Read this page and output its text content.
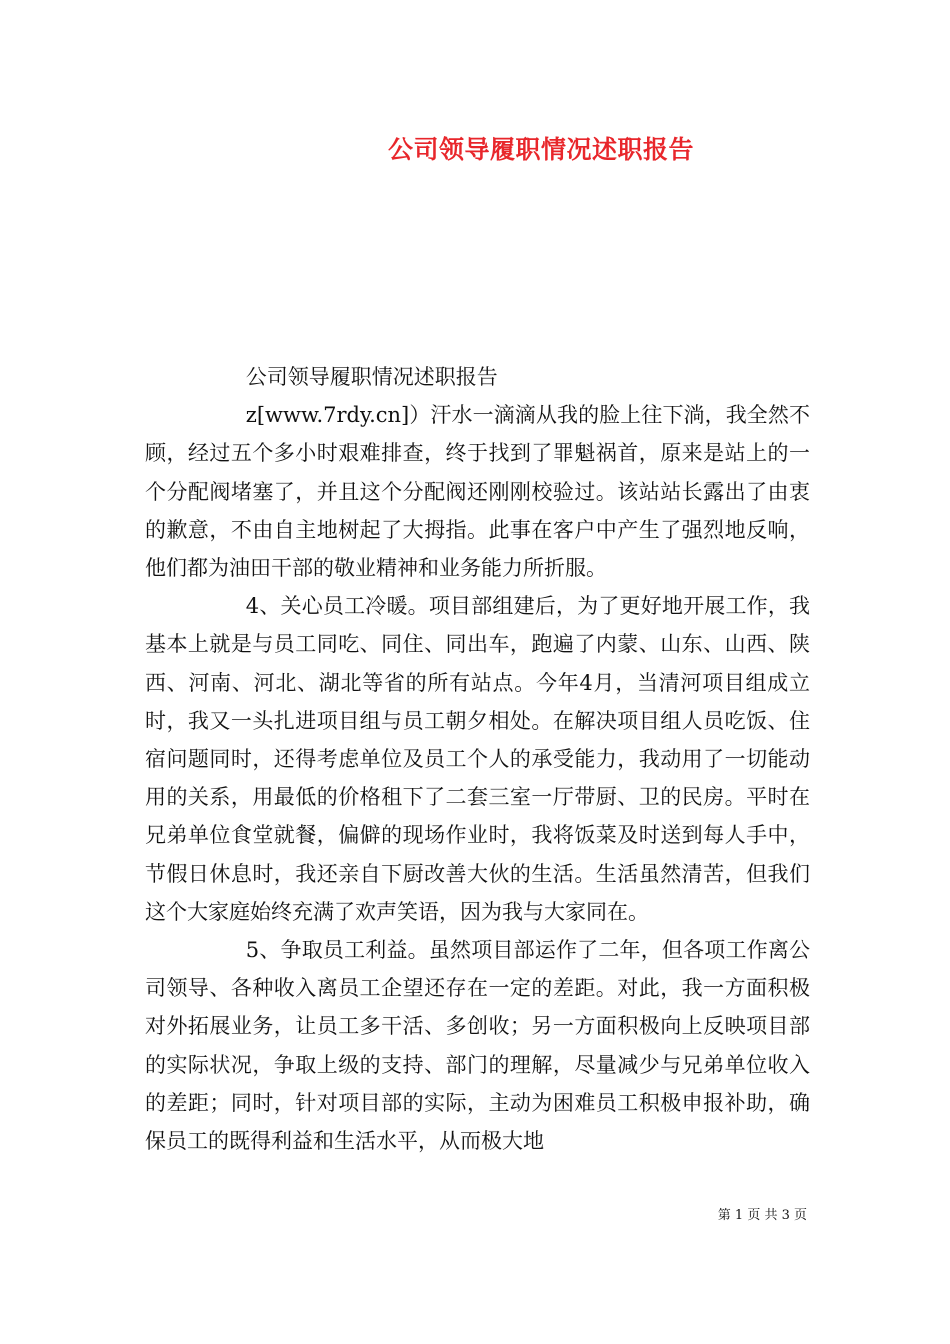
公司领导履职情况述职报告

公司领导履职情况述职报告

z[www.7rdy.cn]）汗水一滴滴从我的脸上往下淌，我全然不顾，经过五个多小时艰难排查，终于找到了罪魁祸首，原来是站上的一个分配阀堵塞了，并且这个分配阀还刚刚校验过。该站站长露出了由衷的歉意，不由自主地树起了大拇指。此事在客户中产生了强烈地反响，他们都为油田干部的敬业精神和业务能力所折服。

4、关心员工冷暖。项目部组建后，为了更好地开展工作，我基本上就是与员工同吃、同住、同出车，跑遍了内蒙、山东、山西、陕西、河南、河北、湖北等省的所有站点。今年4月，当清河项目组成立时，我又一头扎进项目组与员工朝夕相处。在解决项目组人员吃饭、住宿问题同时，还得考虑单位及员工个人的承受能力，我动用了一切能动用的关系，用最低的价格租下了二套三室一厅带厨、卫的民房。平时在兄弟单位食堂就餐，偏僻的现场作业时，我将饭菜及时送到每人手中，节假日休息时，我还亲自下厨改善大伙的生活。生活虽然清苦，但我们这个大家庭始终充满了欢声笑语，因为我与大家同在。

5、争取员工利益。虽然项目部运作了二年，但各项工作离公司领导、各种收入离员工企望还存在一定的差距。对此，我一方面积极对外拓展业务，让员工多干活、多创收；另一方面积极向上反映项目部的实际状况，争取上级的支持、部门的理解，尽量减少与兄弟单位收入的差距；同时，针对项目部的实际，主动为困难员工积极申报补助，确保员工的既得利益和生活水平，从而极大地

第 1 页 共 3 页
